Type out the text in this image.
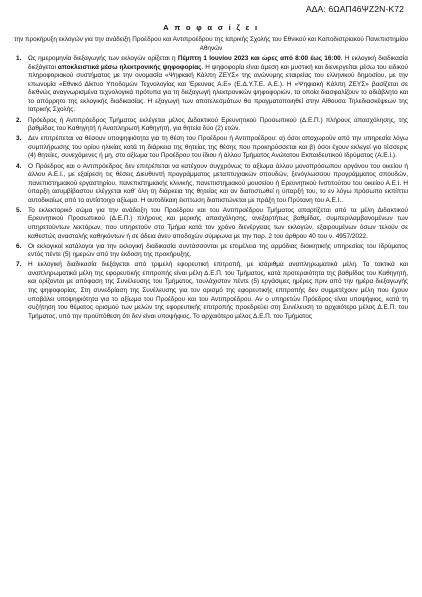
ΑΔΑ: 6ΩΑΠ46ΨΖ2Ν-Κ72
Α π ο φ α σ ί ζ ε ι
την προκήρυξη εκλογών για την ανάδειξη Προέδρου και Αντιπροέδρου της Ιατρικής Σχολής του Εθνικού και Καποδιστριακού Πανεπιστημίου Αθηνών
1.	Ως ημερομηνία διεξαγωγής των εκλογών ορίζεται η Πέμπτη 1 Ιουνίου 2023 και ώρες από 8:00 έως 16:00. Η εκλογική διαδικασία διεξάγεται αποκλειστικά μέσω ηλεκτρονικής ψηφοφορίας. Η ψηφοφορία είναι άμεση και μυστική και διενεργείται μέσω του ειδικού πληροφοριακού συστήματος με την ονομασία «Ψηφιακή Κάλπη ΖΕΥΣ» της ανώνυμης εταιρείας του ελληνικού δημοσίου, με την επωνυμία «Εθνικό Δίκτυο Υποδομών Τεχνολογίας και Έρευνας Α.Ε» (Ε.Δ.Υ.Τ.Ε. Α.Ε.). Η «Ψηφιακή Κάλπη ΖΕΥΣ» βασίζεται σε διεθνώς αναγνωρισμένα τεχνολογικά πρότυπα για τη διεξαγωγή ηλεκτρονικών ψηφοφοριών, τα οποία διασφαλίζουν το αδιάβλητο και το απόρρητο της εκλογικής διαδικασίας. Η εξαγωγή των αποτελεσμάτων θα πραγματοποιηθεί στην Αίθουσα Τηλεδιασκέψεων της Ιατρικής Σχολής.
2.	Πρόεδρος ή Αντιπρόεδρος Τμήματος εκλέγεται μέλος Διδακτικού Ερευνητικού Προσωπικού (Δ.Ε.Π.) πλήρους απασχόλησης, της βαθμίδας του Καθηγητή ή Αναπληρωτή Καθηγητή, για θητεία δύο (2) ετών.
3.	Δεν επιτρέπεται να θέσουν υποψηφιότητα για τη θέση του Προέδρου ή Αντιπροέδρου: α) όσοι αποχωρούν από την υπηρεσία λόγω συμπλήρωσης του ορίου ηλικίας κατά τη διάρκεια της θητείας της θέσης που προκηρύσσεται και β) όσοι έχουν εκλεγεί για τέσσερις (4) θητείες, συνεχόμενες ή μη, στο αξίωμα του Προέδρου του ίδιου ή άλλου Τμήματος Ανώτατου Εκπαιδευτικού Ιδρύματος (Α.Ε.Ι.).
4.	Ο Πρόεδρος και ο Αντιπρόεδρος δεν επιτρέπεται να κατέχουν συγχρόνως το αξίωμα άλλου μονοπρόσωπου οργάνου του οικείου ή άλλου Α.Ε.Ι., με εξαίρεση τις θέσεις Διευθυντή προγράμματος μεταπτυχιακών σπουδών, ξενόγλωσσου προγράμματος σπουδών, πανεπιστημιακού εργαστηρίου, πανεπιστημιακής κλινικής, πανεπιστημιακού μουσείου ή Ερευνητικού Ινστιτούτου του οικείου Α.Ε.Ι. Η ύπαρξη ασυμβίβαστου ελέγχεται καθ' όλη τη διάρκεια της θητείας και αν διαπιστωθεί η ύπαρξή του, το εν λόγω πρόσωπο εκπίπτει αυτοδικαίως από το αντίστοιχο αξίωμα. Η αυτοδίκαιη έκπτωση διαπιστώνεται με πράξη του Πρύτανη του Α.Ε.Ι..
5.	Το εκλεκτορικό σώμα για την ανάδειξη του Προέδρου και του Αντιπροέδρου Τμήματος απαρτίζεται από τα μέλη Διδακτικού Ερευνητικού Προσωπικού (Δ.Ε.Π.) πλήρους και μερικής απασχόλησης, ανεξαρτήτως βαθμίδας, συμπεριλαμβανομένων των υπηρετούντων λεκτόρων, που υπηρετούν στο Τμήμα κατά τον χρόνο διενέργειας των εκλογών, εξαιρουμένων όσων τελούν σε καθεστώς αναστολής καθηκόντων ή σε άδεια άνευ αποδοχών σύμφωνα με την παρ. 2 του άρθρου 40 του ν. 4957/2022.
6.	Οι εκλογικοί κατάλογοι για την εκλογική διαδικασία συντάσσονται με επιμέλεια της αρμόδιας διοικητικής υπηρεσίας του Ιδρύματος εντός πέντε (5) ημερών από την έκδοση της προκήρυξης.
7.	Η εκλογική διαδικασία διεξάγεται από τριμελή εφορευτική επιτροπή, με ισάριθμα αναπληρωματικά μέλη. Τα τακτικά και αναπληρωματικά μέλη της εφορευτικής επιτροπής είναι μέλη Δ.Ε.Π. του Τμήματος, κατά προτεραιότητα της βαθμίδας του Καθηγητή, και ορίζονται με απόφαση της Συνέλευσης του Τμήματος, τουλάχιστον πέντε (5) εργάσιμες ημέρες πριν από την ημέρα διεξαγωγής της ψηφοφορίας. Στη συνεδρίαση της Συνέλευσης για τον ορισμό της εφορευτικής επιτροπής δεν συμμετέχουν μέλη που έχουν υποβάλει υποψηφιότητα για το αξίωμα του Προέδρου και του Αντιπροέδρου. Αν ο υπηρετών Πρόεδρος είναι υποψήφιος, κατά τη συζήτηση του θέματος ορισμού των μελών της εφορευτικής επιτροπής προεδρεύει στη Συνέλευση το αρχαιότερο μέλος Δ.Ε.Π. του Τμήματος, υπό την προϋπόθεση ότι δεν είναι υποψήφιος. Το αρχαιότερο μέλος Δ.Ε.Π. του Τμήματος
